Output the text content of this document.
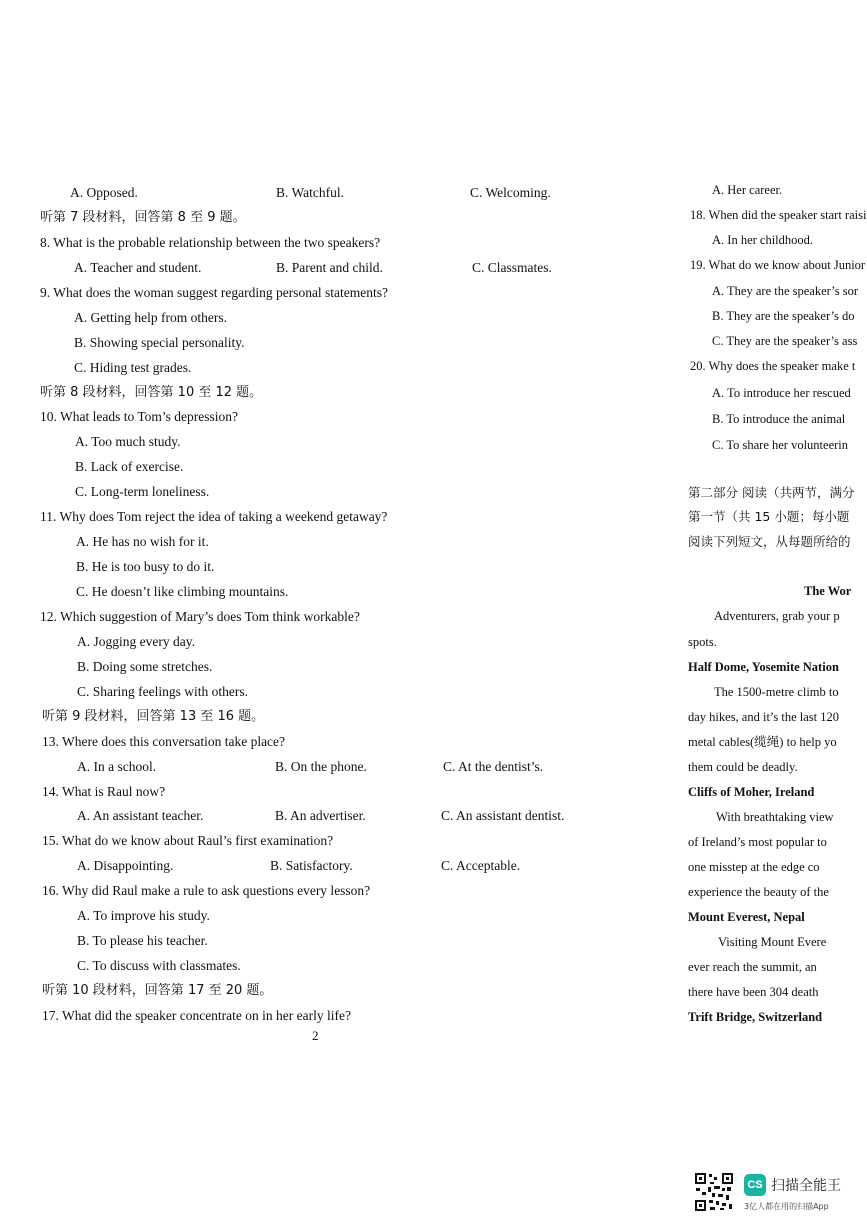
A. Opposed.	B. Watchful.	C. Welcoming.
听第 7 段材料，回答第 8 至 9 题。
8. What is the probable relationship between the two speakers?
A. Teacher and student.	B. Parent and child.	C. Classmates.
9. What does the woman suggest regarding personal statements?
A. Getting help from others.
B. Showing special personality.
C. Hiding test grades.
听第 8 段材料，回答第 10 至 12 题。
10. What leads to Tom’s depression?
A. Too much study.
B. Lack of exercise.
C. Long-term loneliness.
11. Why does Tom reject the idea of taking a weekend getaway?
A. He has no wish for it.
B. He is too busy to do it.
C. He doesn’t like climbing mountains.
12. Which suggestion of Mary’s does Tom think workable?
A. Jogging every day.
B. Doing some stretches.
C. Sharing feelings with others.
听第 9 段材料，回答第 13 至 16 题。
13. Where does this conversation take place?
A. In a school.	B. On the phone.	C. At the dentist’s.
14. What is Raul now?
A. An assistant teacher.	B. An advertiser.	C. An assistant dentist.
15. What do we know about Raul’s first examination?
A. Disappointing.	B. Satisfactory.	C. Acceptable.
16. Why did Raul make a rule to ask questions every lesson?
A. To improve his study.
B. To please his teacher.
C. To discuss with classmates.
听第 10 段材料，回答第 17 至 20 题。
17. What did the speaker concentrate on in her early life?
A. Her career.
18. When did the speaker start raisi
A. In her childhood.
19. What do we know about Junior
A. They are the speaker’s sor
B. They are the speaker’s do
C. They are the speaker’s ass
20. Why does the speaker make t
A. To introduce her rescued
B. To introduce the animal
C. To share her volunteerin
第二部分 阅读（共两节，满分
第一节（共 15 小题；每小题
阅读下列短文，从每题所给的
The Wor
Adventurers, grab your p
spots.
Half Dome, Yosemite Nation
The 1500-metre climb to
day hikes, and it’s the last 120
metal cables(缆绳) to help yo
them could be deadly.
Cliffs of Moher, Ireland
With breathtaking view
of Ireland’s most popular to
one misstep at the edge co
experience the beauty of the
Mount Everest, Nepal
Visiting Mount Evere
ever reach the summit, an
there have been 304 death
Trift Bridge, Switzerland
2
CS 扫描全能王
3亿人都在用的扫描App
